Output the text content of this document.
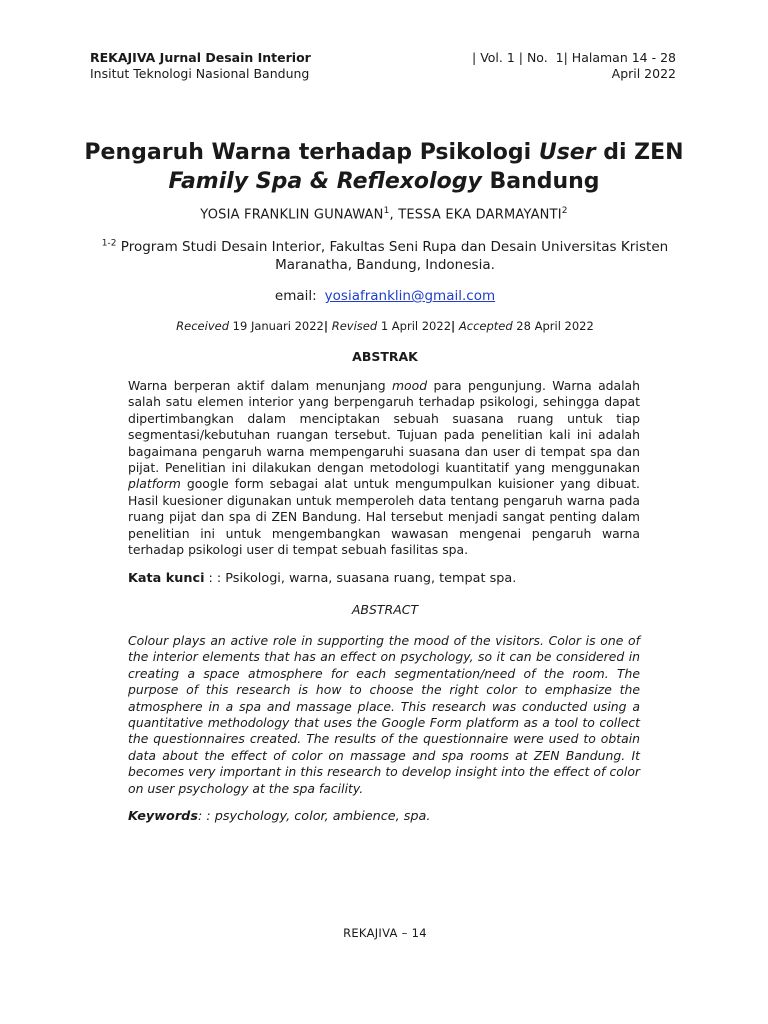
REKAJIVA Jurnal Desain Interior
Insitut Teknologi Nasional Bandung
| Vol. 1 | No.  1| Halaman 14 - 28
April 2022
Pengaruh Warna terhadap Psikologi User di ZEN
Family Spa & Reflexology Bandung
YOSIA FRANKLIN GUNAWAN$^1$, TESSA EKA DARMAYANTI$^2$
$^{1-2}$ Program Studi Desain Interior, Fakultas Seni Rupa dan Desain Universitas Kristen Maranatha, Bandung, Indonesia.
email: yosiafranklin@gmail.com
Received 19 Januari 2022| Revised 1 April 2022| Accepted 28 April 2022
ABSTRAK
Warna berperan aktif dalam menunjang mood para pengunjung. Warna adalah salah satu elemen interior yang berpengaruh terhadap psikologi, sehingga dapat dipertimbangkan dalam menciptakan sebuah suasana ruang untuk tiap segmentasi/kebutuhan ruangan tersebut. Tujuan pada penelitian kali ini adalah bagaimana pengaruh warna mempengaruhi suasana dan user di tempat spa dan pijat. Penelitian ini dilakukan dengan metodologi kuantitatif yang menggunakan platform google form sebagai alat untuk mengumpulkan kuisioner yang dibuat. Hasil kuesioner digunakan untuk memperoleh data tentang pengaruh warna pada ruang pijat dan spa di ZEN Bandung. Hal tersebut menjadi sangat penting dalam penelitian ini untuk mengembangkan wawasan mengenai pengaruh warna terhadap psikologi user di tempat sebuah fasilitas spa.
Kata kunci : : Psikologi, warna, suasana ruang, tempat spa.
ABSTRACT
Colour plays an active role in supporting the mood of the visitors. Color is one of the interior elements that has an effect on psychology, so it can be considered in creating a space atmosphere for each segmentation/need of the room. The purpose of this research is how to choose the right color to emphasize the atmosphere in a spa and massage place. This research was conducted using a quantitative methodology that uses the Google Form platform as a tool to collect the questionnaires created. The results of the questionnaire were used to obtain data about the effect of color on massage and spa rooms at ZEN Bandung. It becomes very important in this research to develop insight into the effect of color on user psychology at the spa facility.
Keywords: : psychology, color, ambience, spa.
REKAJIVA – 14
